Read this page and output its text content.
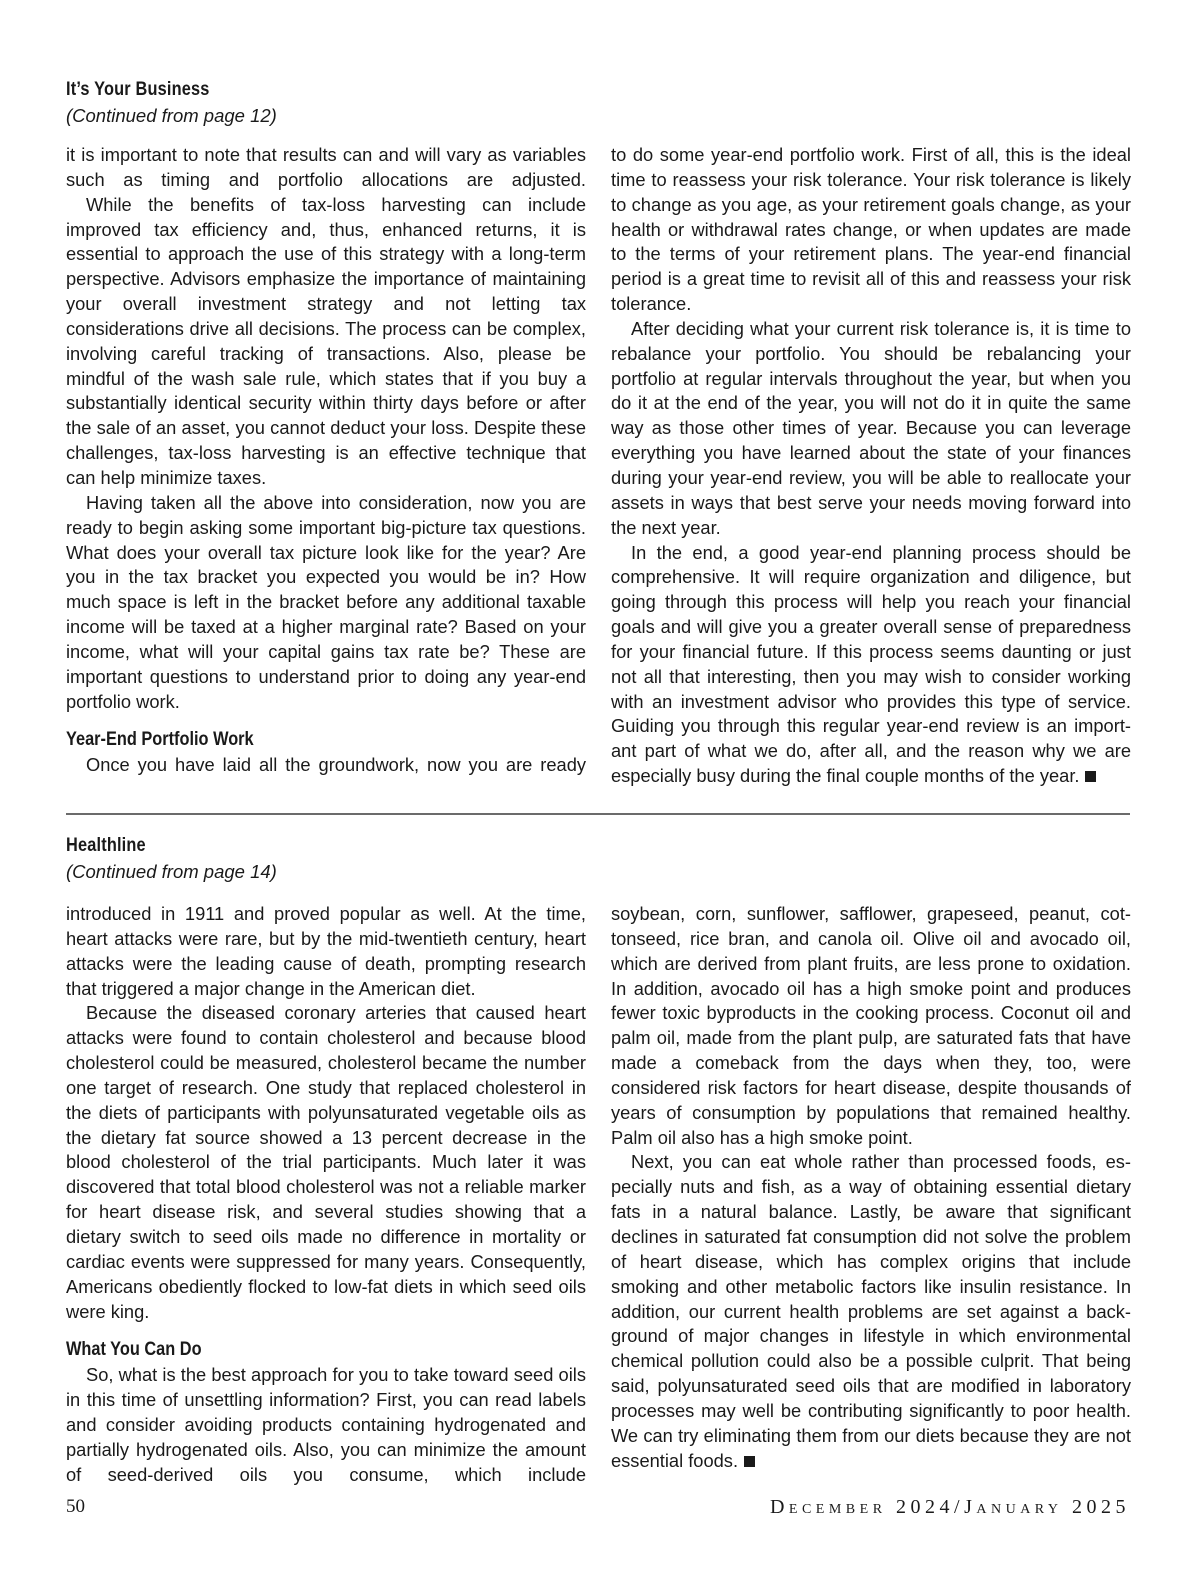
It’s Your Business
(Continued from page 12)

it is important to note that results can and will vary as variables such as timing and portfolio allocations are adjusted.

While the benefits of tax-loss harvesting can include improved tax efficiency and, thus, enhanced returns, it is essential to approach the use of this strategy with a long-term perspective. Advisors emphasize the importance of maintaining your overall investment strategy and not letting tax considerations drive all decisions. The process can be complex, involving careful tracking of transactions. Also, please be mindful of the wash sale rule, which states that if you buy a substantially identical security within thirty days before or after the sale of an asset, you cannot deduct your loss. Despite these challenges, tax-loss harvesting is an effective technique that can help minimize taxes.

Having taken all the above into consideration, now you are ready to begin asking some important big-picture tax questions. What does your overall tax picture look like for the year? Are you in the tax bracket you expected you would be in? How much space is left in the bracket before any additional taxable income will be taxed at a higher marginal rate? Based on your income, what will your capital gains tax rate be? These are important questions to understand prior to doing any year-end portfolio work.

Year-End Portfolio Work

Once you have laid all the groundwork, now you are ready

to do some year-end portfolio work. First of all, this is the ideal time to reassess your risk tolerance. Your risk tolerance is likely to change as you age, as your retirement goals change, as your health or withdrawal rates change, or when updates are made to the terms of your retirement plans. The year-end financial period is a great time to revisit all of this and reassess your risk tolerance.

After deciding what your current risk tolerance is, it is time to rebalance your portfolio. You should be rebalancing your portfolio at regular intervals throughout the year, but when you do it at the end of the year, you will not do it in quite the same way as those other times of year. Because you can leverage everything you have learned about the state of your finances during your year-end review, you will be able to reallocate your assets in ways that best serve your needs moving forward into the next year.

In the end, a good year-end planning process should be comprehensive. It will require organization and diligence, but going through this process will help you reach your financial goals and will give you a greater overall sense of preparedness for your financial future. If this process seems daunting or just not all that interesting, then you may wish to consider working with an investment advisor who provides this type of service. Guiding you through this regular year-end review is an important part of what we do, after all, and the reason why we are especially busy during the final couple months of the year.

Healthline
(Continued from page 14)

introduced in 1911 and proved popular as well. At the time, heart attacks were rare, but by the mid-twentieth century, heart attacks were the leading cause of death, prompting research that triggered a major change in the American diet.

Because the diseased coronary arteries that caused heart attacks were found to contain cholesterol and because blood cholesterol could be measured, cholesterol became the number one target of research. One study that replaced cholesterol in the diets of participants with polyunsaturated vegetable oils as the dietary fat source showed a 13 percent decrease in the blood cholesterol of the trial participants. Much later it was discovered that total blood cholesterol was not a reliable marker for heart disease risk, and several studies showing that a dietary switch to seed oils made no difference in mortality or cardiac events were suppressed for many years. Consequently, Americans obediently flocked to low-fat diets in which seed oils were king.

What You Can Do

So, what is the best approach for you to take toward seed oils in this time of unsettling information? First, you can read labels and consider avoiding products containing hydrogenated and partially hydrogenated oils. Also, you can minimize the amount of seed-derived oils you consume, which include

soybean, corn, sunflower, safflower, grapeseed, peanut, cottonseed, rice bran, and canola oil. Olive oil and avocado oil, which are derived from plant fruits, are less prone to oxidation. In addition, avocado oil has a high smoke point and produces fewer toxic byproducts in the cooking process. Coconut oil and palm oil, made from the plant pulp, are saturated fats that have made a comeback from the days when they, too, were considered risk factors for heart disease, despite thousands of years of consumption by populations that remained healthy. Palm oil also has a high smoke point.

Next, you can eat whole rather than processed foods, especially nuts and fish, as a way of obtaining essential dietary fats in a natural balance. Lastly, be aware that significant declines in saturated fat consumption did not solve the problem of heart disease, which has complex origins that include smoking and other metabolic factors like insulin resistance. In addition, our current health problems are set against a background of major changes in lifestyle in which environmental chemical pollution could also be a possible culprit. That being said, polyunsaturated seed oils that are modified in laboratory processes may well be contributing significantly to poor health. We can try eliminating them from our diets because they are not essential foods.

50	December 2024/January 2025
